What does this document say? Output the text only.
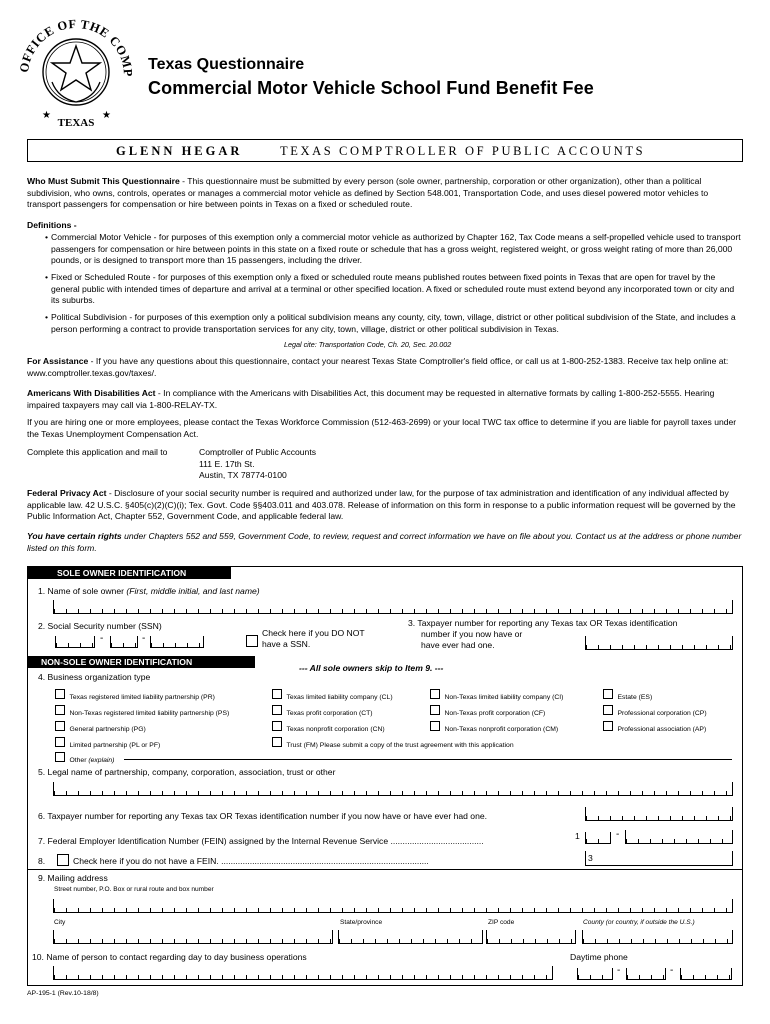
OFFICE OF THE COMP
TEXAS
★	★
Texas Questionnaire
Commercial Motor Vehicle School Fund Benefit Fee
GLENN HEGAR	TEXAS COMPTROLLER OF PUBLIC ACCOUNTS
Who Must Submit This Questionnaire - This questionnaire must be submitted by every person (sole owner, partnership, corporation or other organization), other than a political subdivision, who owns, controls, operates or manages a commercial motor vehicle as defined by Section 548.001, Transportation Code, and uses diesel powered motor vehicles to transport passengers for compensation or hire between points in Texas on a fixed or scheduled route.
Definitions -
• Commercial Motor Vehicle - for purposes of this exemption only a commercial motor vehicle as authorized by Chapter 162, Tax Code means a self-propelled vehicle used to transport passengers for compensation or hire between points in this state on a fixed route or schedule that has a gross weight, registered weight, or gross weight rating of more than 26,000 pounds, or is designed to transport more than 15 passengers, including the driver.
• Fixed or Scheduled Route - for purposes of this exemption only a fixed or scheduled route means published routes between fixed points in Texas that are open for travel by the general public with intended times of departure and arrival at a terminal or other specified location. A fixed or scheduled route must extend beyond any incorporated town or city and its suburbs.
• Political Subdivision - for purposes of this exemption only a political subdivision means any county, city, town, village, district or other political subdivision of the State, and includes a person performing a contract to provide transportation services for any city, town, village, district or other political subdivision in Texas.
Legal cite: Transportation Code, Ch. 20, Sec. 20.002
For Assistance - If you have any questions about this questionnaire, contact your nearest Texas State Comptroller's field office, or call us at 1-800-252-1383. Receive tax help online at: www.comptroller.texas.gov/taxes/.
Americans With Disabilities Act - In compliance with the Americans with Disabilities Act, this document may be requested in alternative formats by calling 1-800-252-5555. Hearing impaired taxpayers may call via 1-800-RELAY-TX.
If you are hiring one or more employees, please contact the Texas Workforce Commission (512-463-2699) or your local TWC tax office to determine if you are liable for payroll taxes under the Texas Unemployment Compensation Act.
Complete this application and mail to	Comptroller of Public Accounts
111 E. 17th St.
Austin, TX 78774-0100
Federal Privacy Act - Disclosure of your social security number is required and authorized under law, for the purpose of tax administration and identification of any individual affected by applicable law. 42 U.S.C. §405(c)(2)(C)(i); Tex. Govt. Code §§403.011 and 403.078. Release of information on this form in response to a public information request will be governed by the Public Information Act, Chapter 552, Government Code, and applicable federal law.
You have certain rights under Chapters 552 and 559, Government Code, to review, request and correct information we have on file about you. Contact us at the address or phone number listed on this form.
SOLE OWNER IDENTIFICATION
1. Name of sole owner (First, middle initial, and last name)
2. Social Security number (SSN)
-	-	Check here if you DO NOT
have a SSN.
3. Taxpayer number for reporting any Texas tax OR Texas identification
number if you now have or
have ever had one.
NON-SOLE OWNER IDENTIFICATION
--- All sole owners skip to Item 9. ---
4. Business organization type
Texas registered limited liability partnership (PR)	Texas limited liability company (CL)	Non-Texas limited liability company (CI)	Estate (ES)
Non-Texas registered limited liability partnership (PS)	Texas profit corporation (CT)	Non-Texas profit corporation (CF)	Professional corporation (CP)
General partnership (PG)	Texas nonprofit corporation (CN)	Non-Texas nonprofit corporation (CM)	Professional association (AP)
Limited partnership (PL or PF)	Trust (FM) Please submit a copy of the trust agreement with this application
Other (explain)
5. Legal name of partnership, company, corporation, association, trust or other
6. Taxpayer number for reporting any Texas tax OR Texas identification number if you now have or have ever had one.
7. Federal Employer Identification Number (FEIN) assigned by the Internal Revenue Service .......................................	1	-
8.	Check here if you do not have a FEIN. .......................................................................................	3
9. Mailing address
Street number, P.O. Box or rural route and box number
City	State/province	ZIP code	County (or country, if outside the U.S.)
10. Name of person to contact regarding day to day business operations	Daytime phone
-	-
AP-195-1 (Rev.10-18/8)
